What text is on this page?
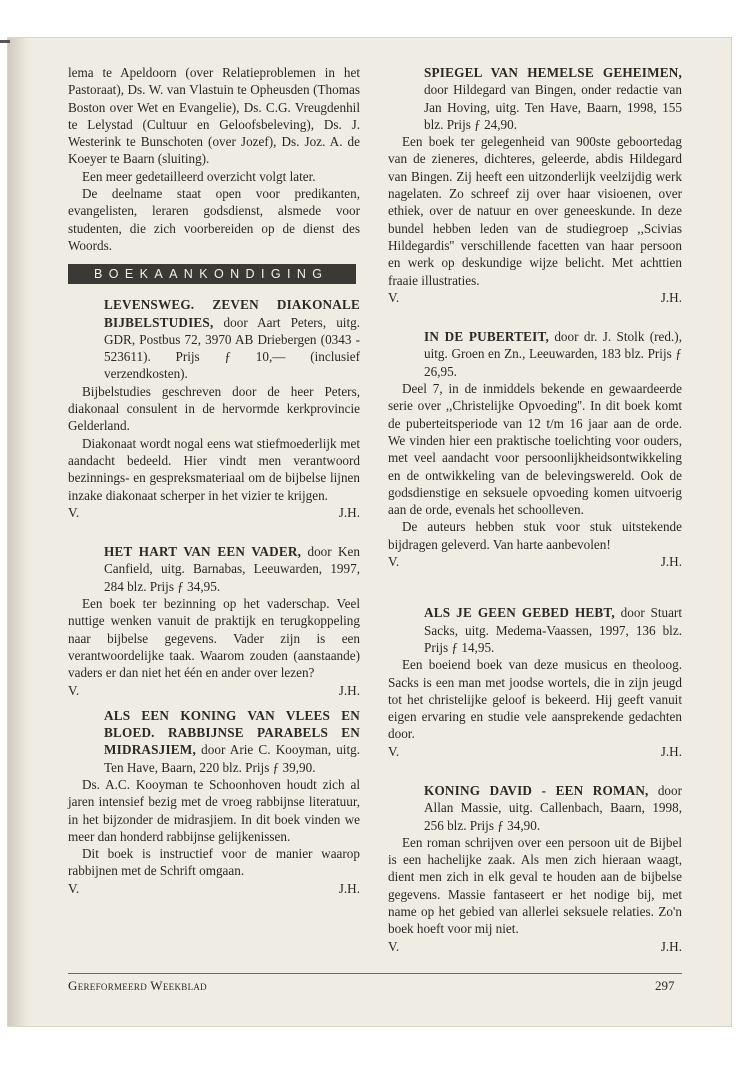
lema te Apeldoorn (over Relatieproblemen in het Pastoraat), Ds. W. van Vlastuin te Opheusden (Thomas Boston over Wet en Evangelie), Ds. C.G. Vreugdenhil te Lelystad (Cultuur en Geloofsbeleving), Ds. J. Westerink te Bunschoten (over Jozef), Ds. Joz. A. de Koeyer te Baarn (sluiting).

Een meer gedetailleerd overzicht volgt later.

De deelname staat open voor predikanten, evangelisten, leraren godsdienst, alsmede voor studenten, die zich voorbereiden op de dienst des Woords.

BOEKAANKONDIGING

LEVENSWEG. ZEVEN DIAKONALE BIJBELSTUDIES, door Aart Peters, uitg. GDR, Postbus 72, 3970 AB Driebergen (0343 - 523611). Prijs ƒ 10,— (inclusief verzendkosten).

Bijbelstudies geschreven door de heer Peters, diakonaal consulent in de hervormde kerkprovincie Gelderland.

Diakonaat wordt nogal eens wat stiefmoederlijk met aandacht bedeeld. Hier vindt men verantwoord bezinnings- en gespreksmateriaal om de bijbelse lijnen inzake diakonaat scherper in het vizier te krijgen.

V.	J.H.

HET HART VAN EEN VADER, door Ken Canfield, uitg. Barnabas, Leeuwarden, 1997, 284 blz. Prijs ƒ 34,95.

Een boek ter bezinning op het vaderschap. Veel nuttige wenken vanuit de praktijk en terugkoppeling naar bijbelse gegevens. Vader zijn is een verantwoordelijke taak. Waarom zouden (aanstaande) vaders er dan niet het één en ander over lezen?

V.	J.H.

ALS EEN KONING VAN VLEES EN BLOED. RABBIJNSE PARABELS EN MIDRASJIEM, door Arie C. Kooyman, uitg. Ten Have, Baarn, 220 blz. Prijs ƒ 39,90.

Ds. A.C. Kooyman te Schoonhoven houdt zich al jaren intensief bezig met de vroeg rabbijnse literatuur, in het bijzonder de midrasjiem. In dit boek vinden we meer dan honderd rabbijnse gelijkenissen.

Dit boek is instructief voor de manier waarop rabbijnen met de Schrift omgaan.

V.	J.H.

SPIEGEL VAN HEMELSE GEHEIMEN, door Hildegard van Bingen, onder redactie van Jan Hoving, uitg. Ten Have, Baarn, 1998, 155 blz. Prijs ƒ 24,90.

Een boek ter gelegenheid van 900ste geboortedag van de zieneres, dichteres, geleerde, abdis Hildegard van Bingen. Zij heeft een uitzonderlijk veelzijdig werk nagelaten. Zo schreef zij over haar visioenen, over ethiek, over de natuur en over geneeskunde. In deze bundel hebben leden van de studiegroep ,,Scivias Hildegardis'' verschillende facetten van haar persoon en werk op deskundige wijze belicht. Met achttien fraaie illustraties.

V.	J.H.

IN DE PUBERTEIT, door dr. J. Stolk (red.), uitg. Groen en Zn., Leeuwarden, 183 blz. Prijs ƒ 26,95.

Deel 7, in de inmiddels bekende en gewaardeerde serie over ,,Christelijke Opvoeding''. In dit boek komt de puberteitsperiode van 12 t/m 16 jaar aan de orde. We vinden hier een praktische toelichting voor ouders, met veel aandacht voor persoonlijkheidsontwikkeling en de ontwikkeling van de belevingswereld. Ook de godsdienstige en seksuele opvoeding komen uitvoerig aan de orde, evenals het schoolleven.

De auteurs hebben stuk voor stuk uitstekende bijdragen geleverd. Van harte aanbevolen!

V.	J.H.

ALS JE GEEN GEBED HEBT, door Stuart Sacks, uitg. Medema-Vaassen, 1997, 136 blz. Prijs ƒ 14,95.

Een boeiend boek van deze musicus en theoloog. Sacks is een man met joodse wortels, die in zijn jeugd tot het christelijke geloof is bekeerd. Hij geeft vanuit eigen ervaring en studie vele aansprekende gedachten door.

V.	J.H.

KONING DAVID - EEN ROMAN, door Allan Massie, uitg. Callenbach, Baarn, 1998, 256 blz. Prijs ƒ 34,90.

Een roman schrijven over een persoon uit de Bijbel is een hachelijke zaak. Als men zich hieraan waagt, dient men zich in elk geval te houden aan de bijbelse gegevens. Massie fantaseert er het nodige bij, met name op het gebied van allerlei seksuele relaties. Zo'n boek hoeft voor mij niet.

V.	J.H.
Gereformeerd Weekblad	297
